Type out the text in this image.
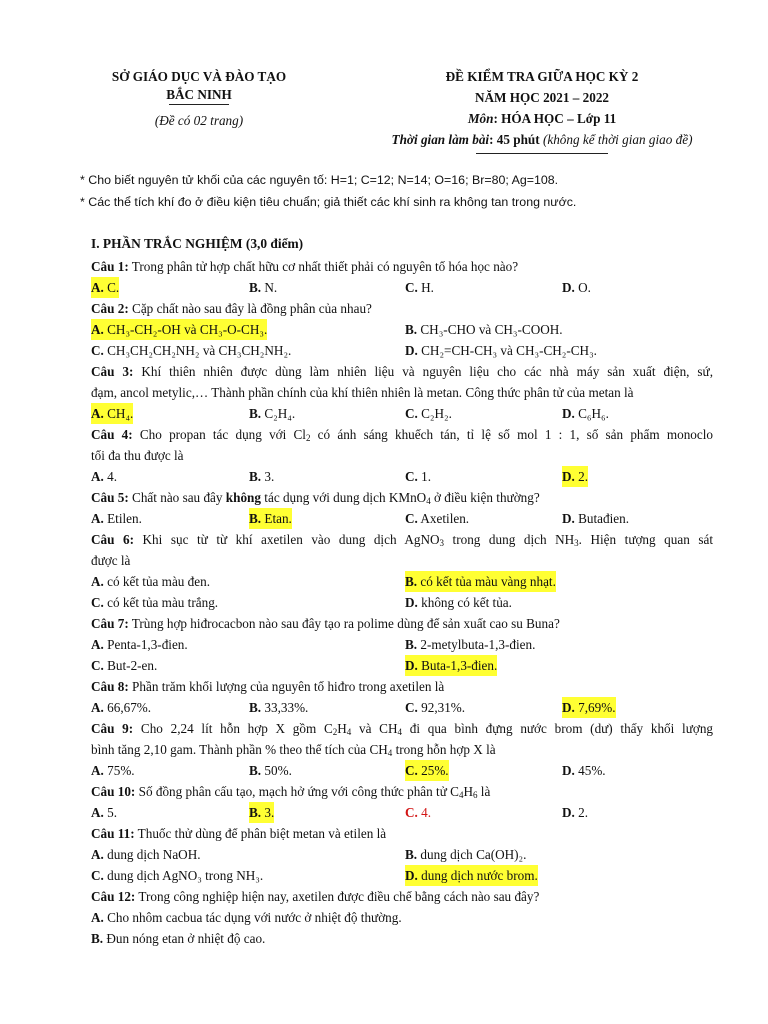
SỞ GIÁO DỤC VÀ ĐÀO TẠO
BẮC NINH
(Đề có 02 trang)
ĐỀ KIỂM TRA GIỮA HỌC KỲ 2
NĂM HỌC 2021 – 2022
Môn: HÓA HỌC – Lớp 11
Thời gian làm bài: 45 phút (không kể thời gian giao đề)
* Cho biết nguyên tử khối của các nguyên tố: H=1; C=12; N=14; O=16; Br=80; Ag=108.
* Các thể tích khí đo ở điều kiện tiêu chuẩn; giả thiết các khí sinh ra không tan trong nước.
I. PHẦN TRẮC NGHIỆM (3,0 điểm)
Câu 1: Trong phân tử hợp chất hữu cơ nhất thiết phải có nguyên tố hóa học nào?
A. C.	B. N.	C. H.	D. O.
Câu 2: Cặp chất nào sau đây là đồng phân của nhau?
A. CH₃-CH₂-OH và CH₃-O-CH₃.	B. CH₃-CHO và CH₃-COOH.
C. CH₃CH₂CH₂NH₂ và CH₃CH₂NH₂.	D. CH₂=CH-CH₃ và CH₃-CH₂-CH₃.
Câu 3: Khí thiên nhiên được dùng làm nhiên liệu và nguyên liệu cho các nhà máy sản xuất điện, sứ,
đạm, ancol metylic,… Thành phần chính của khí thiên nhiên là metan. Công thức phân tử của metan là
A. CH₄.	B. C₂H₄.	C. C₂H₂.	D. C₆H₆.
Câu 4: Cho propan tác dụng với $Cl_2$ có ánh sáng khuếch tán, tỉ lệ số mol 1 : 1, số sản phẩm monoclo
tối đa thu được là
A. 4.	B. 3.	C. 1.	D. 2.
Câu 5: Chất nào sau đây không tác dụng với dung dịch KMnO$_4$ ở điều kiện thường?
A. Etilen.	B. Etan.	C. Axetilen.	D. Butađien.
Câu 6: Khi sục từ từ khí axetilen vào dung dịch AgNO$_3$ trong dung dịch $NH_3$. Hiện tượng quan sát
được là
A. có kết tủa màu đen.	B. có kết tủa màu vàng nhạt.
C. có kết tủa màu trắng.	D. không có kết tủa.
Câu 7: Trùng hợp hiđrocacbon nào sau đây tạo ra polime dùng để sản xuất cao su Buna?
A. Penta-1,3-đien.	B. 2-metylbuta-1,3-đien.
C. But-2-en.	D. Buta-1,3-đien.
Câu 8: Phần trăm khối lượng của nguyên tố hiđro trong axetilen là
A. 66,67%.	B. 33,33%.	C. 92,31%.	D. 7,69%.
Câu 9: Cho 2,24 lít hỗn hợp X gồm $C_2H_4$ và $CH_4$ đi qua bình đựng nước brom (dư) thấy khối lượng
bình tăng 2,10 gam. Thành phần % theo thể tích của $CH_4$ trong hỗn hợp X là
A. 75%.	B. 50%.	C. 25%.	D. 45%.
Câu 10: Số đồng phân cấu tạo, mạch hở ứng với công thức phân tử $C_4H_6$ là
A. 5.	B. 3.	C. 4.	D. 2.
Câu 11: Thuốc thử dùng để phân biệt metan và etilen là
A. dung dịch NaOH.	B. dung dịch Ca(OH)₂.
C. dung dịch AgNO₃ trong NH₃.	D. dung dịch nước brom.
Câu 12: Trong công nghiệp hiện nay, axetilen được điều chế bằng cách nào sau đây?
A. Cho nhôm cacbua tác dụng với nước ở nhiệt độ thường.
B. Đun nóng etan ở nhiệt độ cao.
